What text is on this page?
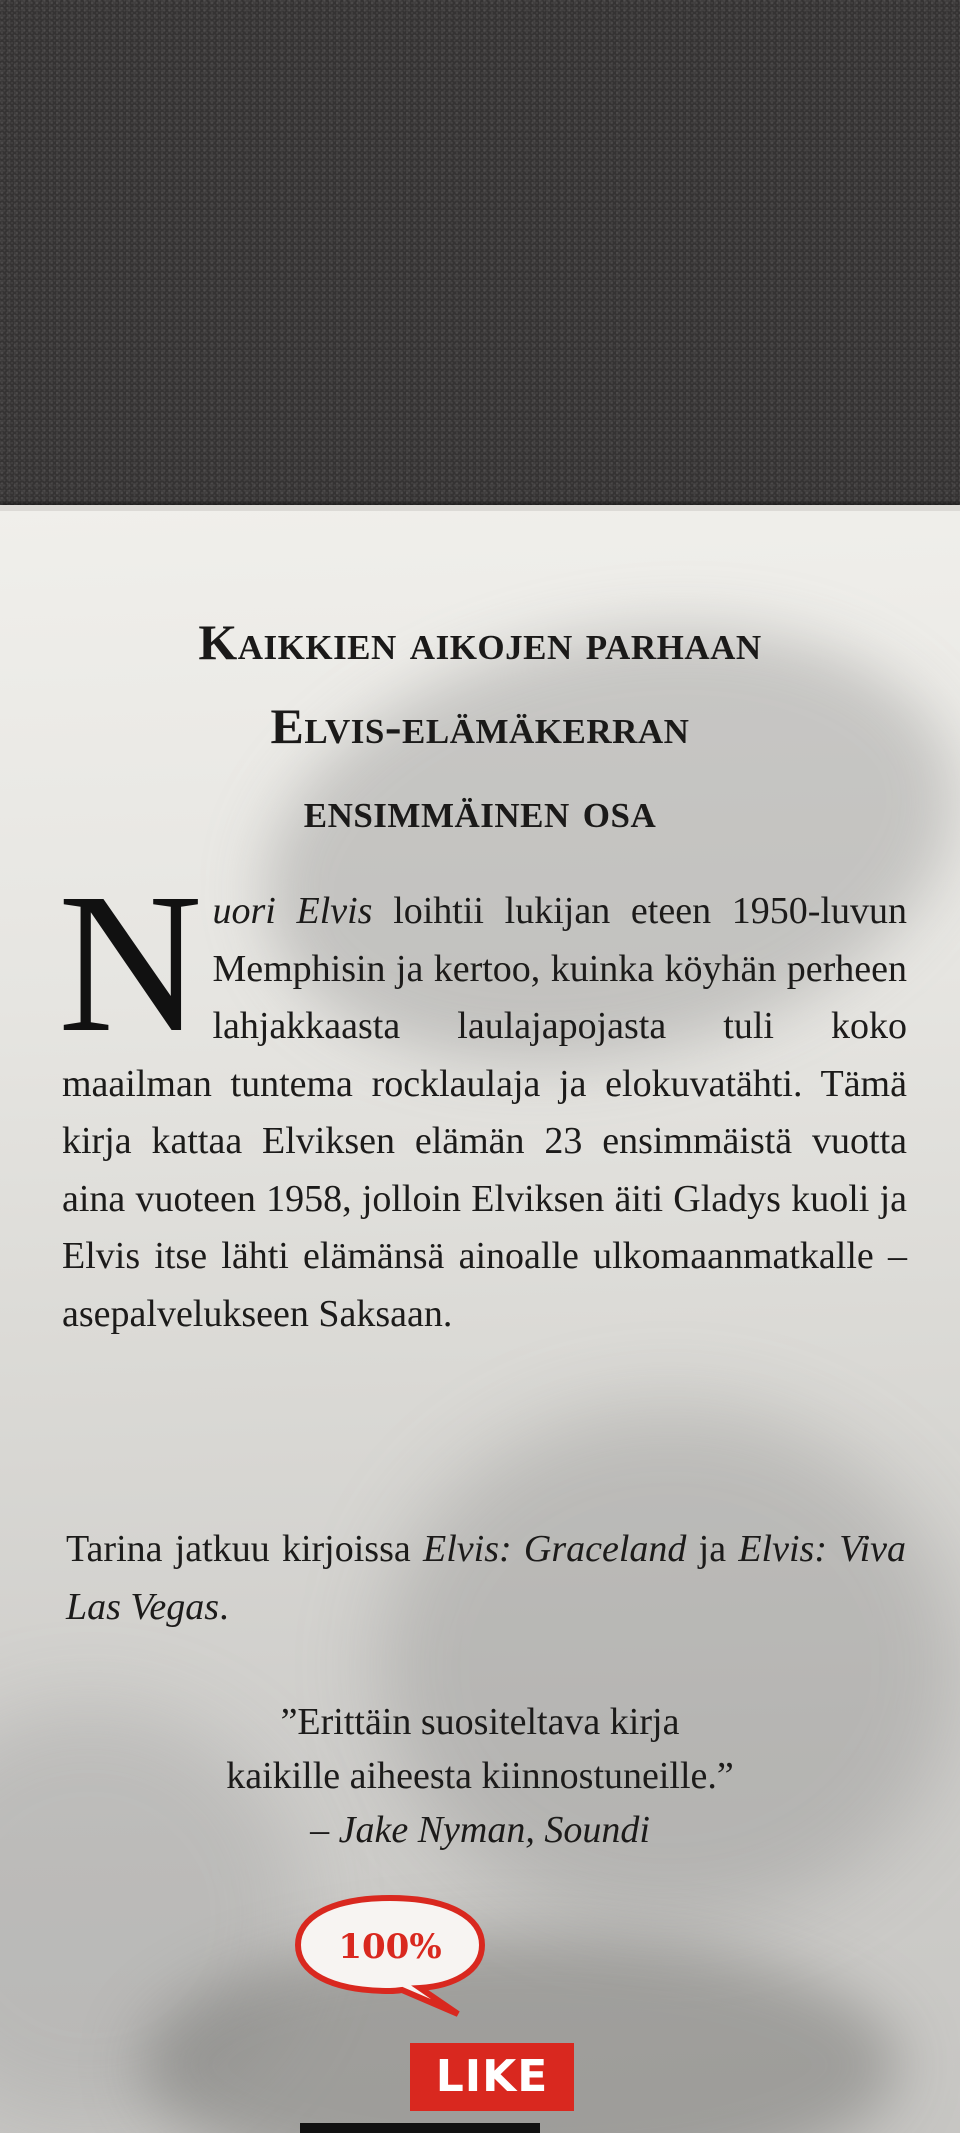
Kaikkien aikojen parhaan
Elvis-elämäkerran
ensimmäinen osa
Nuori Elvis loihtii lukijan eteen 1950-luvun Memphisin ja kertoo, kuinka köyhän perheen lahjakkaasta laulajapojasta tuli koko maailman tuntema rocklaulaja ja elokuvatähti. Tämä kirja kattaa Elviksen elämän 23 ensimmäistä vuotta aina vuoteen 1958, jolloin Elviksen äiti Gladys kuoli ja Elvis itse lähti elämänsä ainoalle ulkomaanmatkalle – asepalvelukseen Saksaan.
Tarina jatkuu kirjoissa Elvis: Graceland ja Elvis: Viva Las Vegas.
”Erittäin suositeltava kirja
kaikille aiheesta kiinnostuneille.”
– Jake Nyman, Soundi
100%
LIKE
